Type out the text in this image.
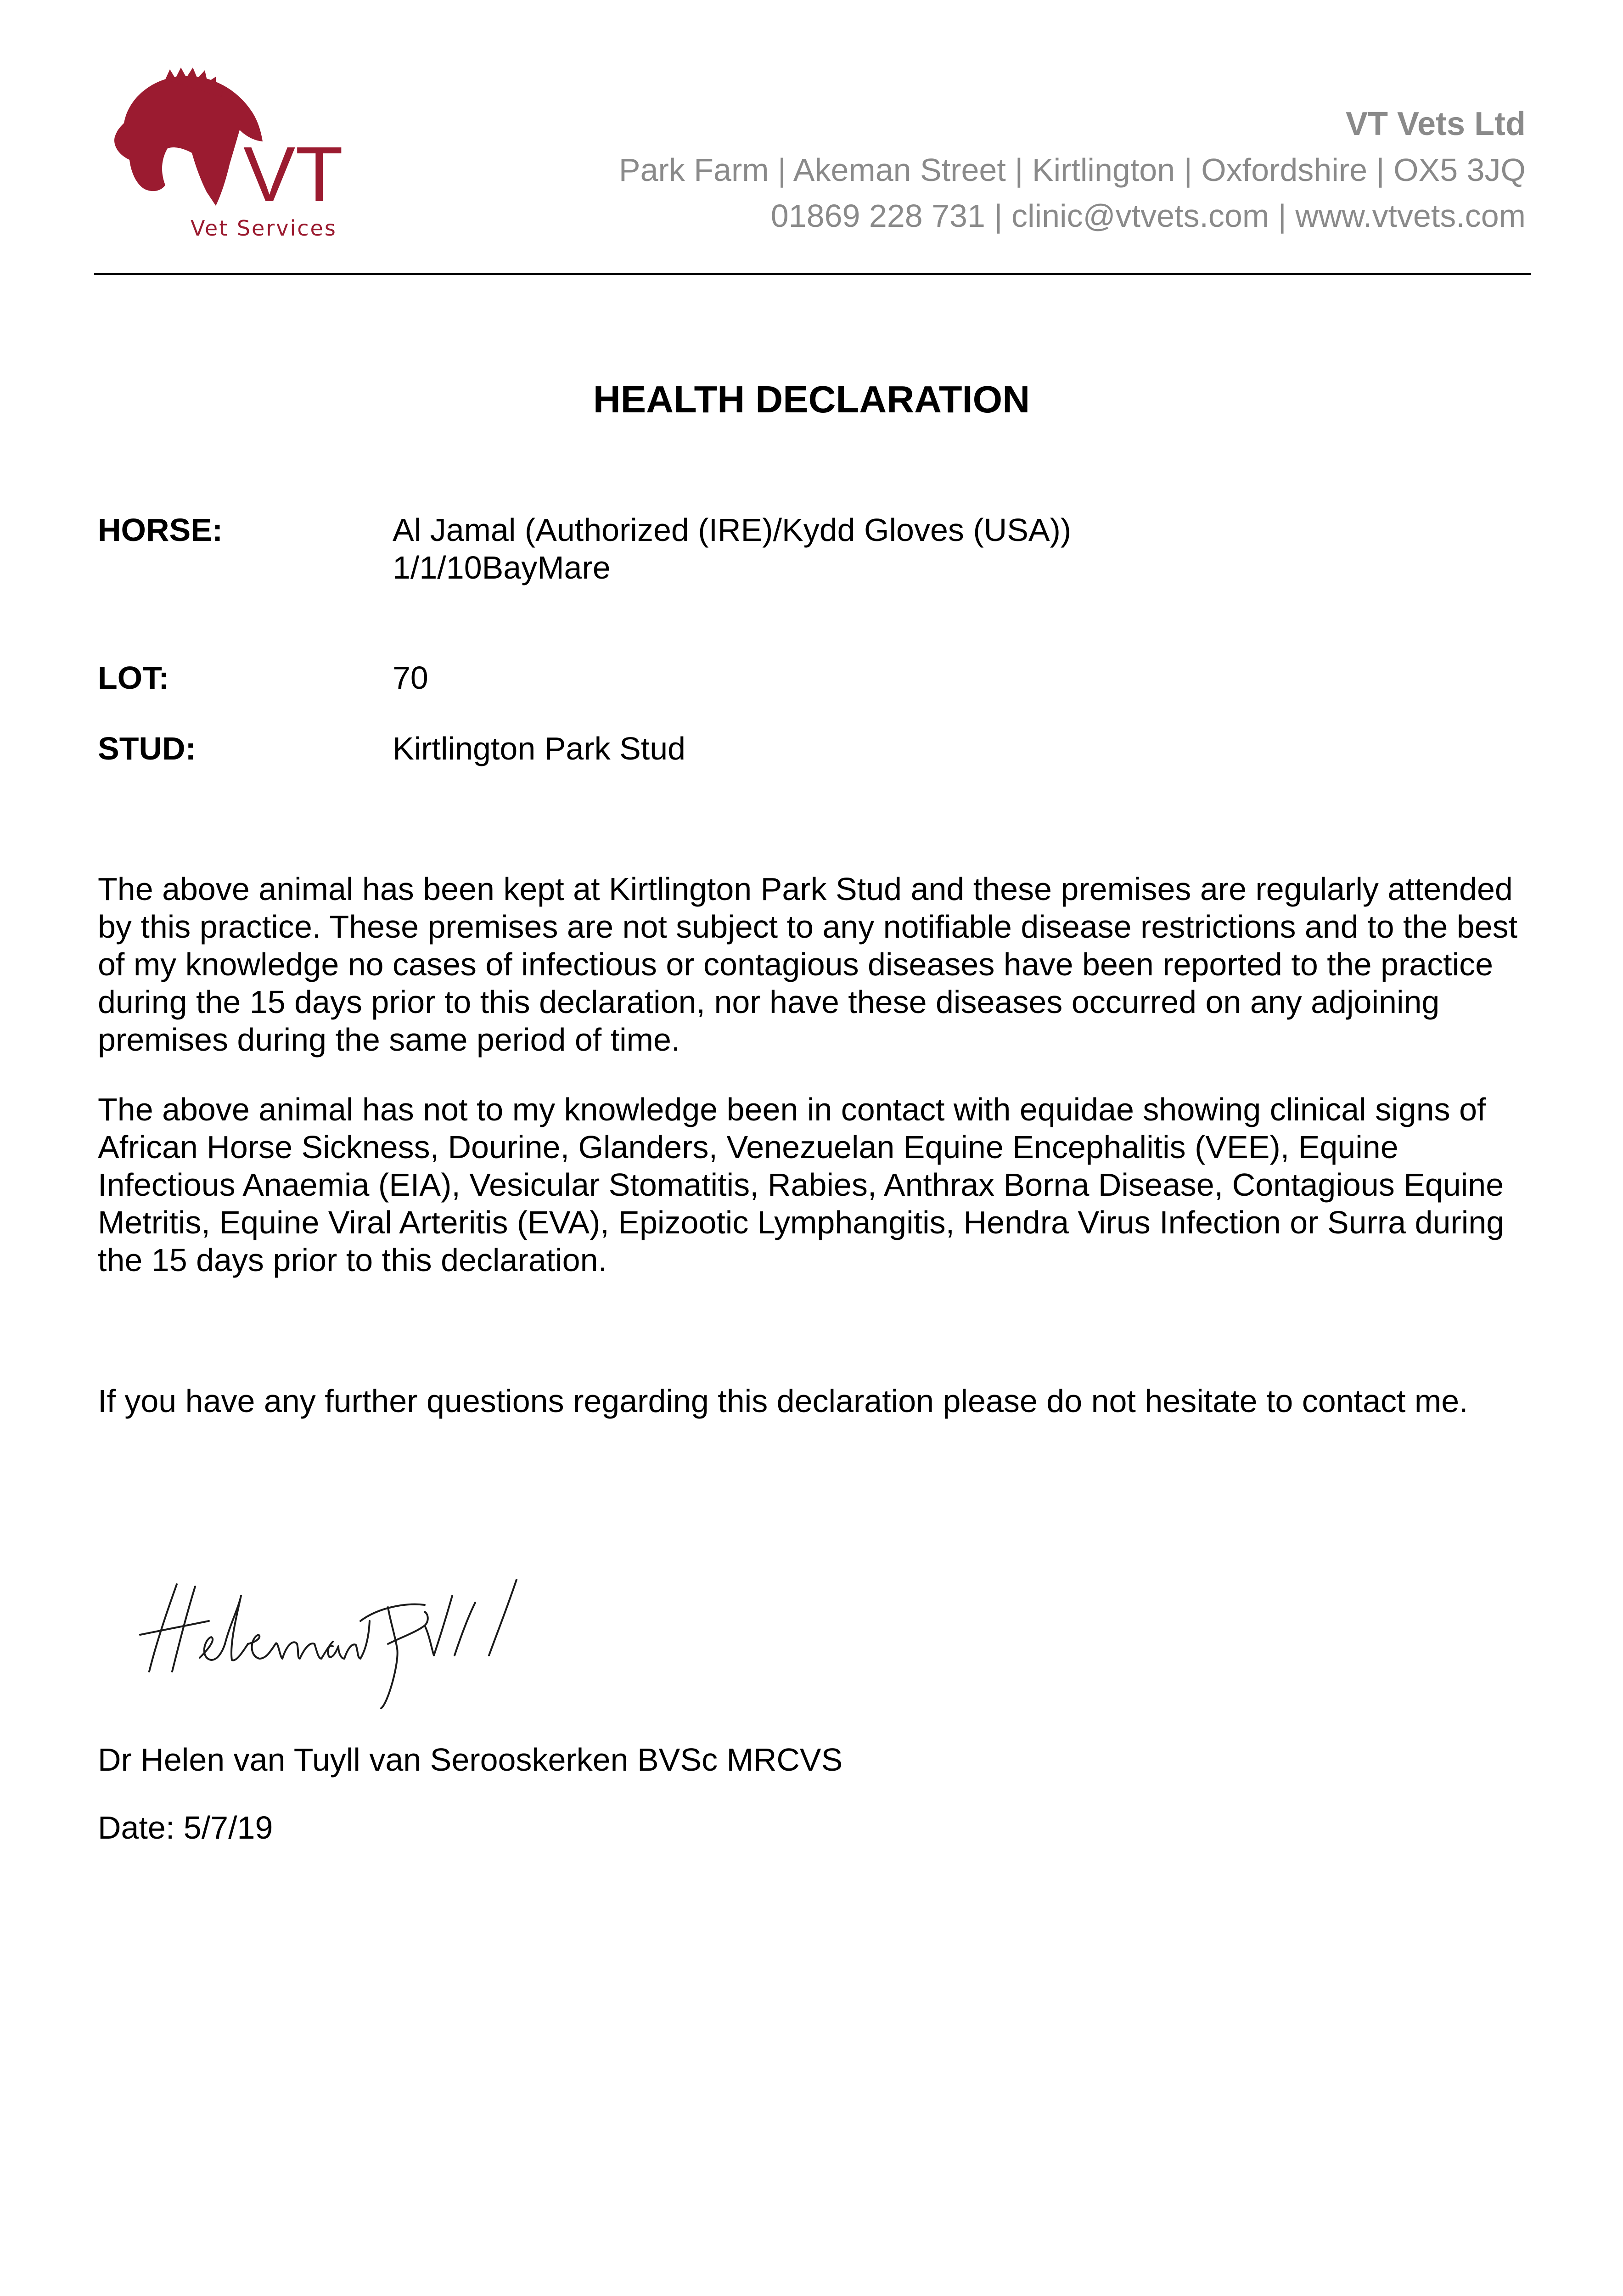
VT
Vet Services
VT Vets Ltd
Park Farm | Akeman Street | Kirtlington | Oxfordshire | OX5 3JQ
01869 228 731 | clinic@vtvets.com | www.vtvets.com
HEALTH DECLARATION
HORSE:	Al Jamal (Authorized (IRE)/Kydd Gloves (USA))
1/1/10BayMare
LOT:	70
STUD:	Kirtlington Park Stud

The above animal has been kept at Kirtlington Park Stud and these premises are regularly attended by this practice. These premises are not subject to any notifiable disease restrictions and to the best of my knowledge no cases of infectious or contagious diseases have been reported to the practice during the 15 days prior to this declaration, nor have these diseases occurred on any adjoining premises during the same period of time.

The above animal has not to my knowledge been in contact with equidae showing clinical signs of African Horse Sickness, Dourine, Glanders, Venezuelan Equine Encephalitis (VEE), Equine Infectious Anaemia (EIA), Vesicular Stomatitis, Rabies, Anthrax Borna Disease, Contagious Equine Metritis, Equine Viral Arteritis (EVA), Epizootic Lymphangitis, Hendra Virus Infection or Surra during the 15 days prior to this declaration.

If you have any further questions regarding this declaration please do not hesitate to contact me.

Dr Helen van Tuyll van Serooskerken BVSc MRCVS
Date: 5/7/19
